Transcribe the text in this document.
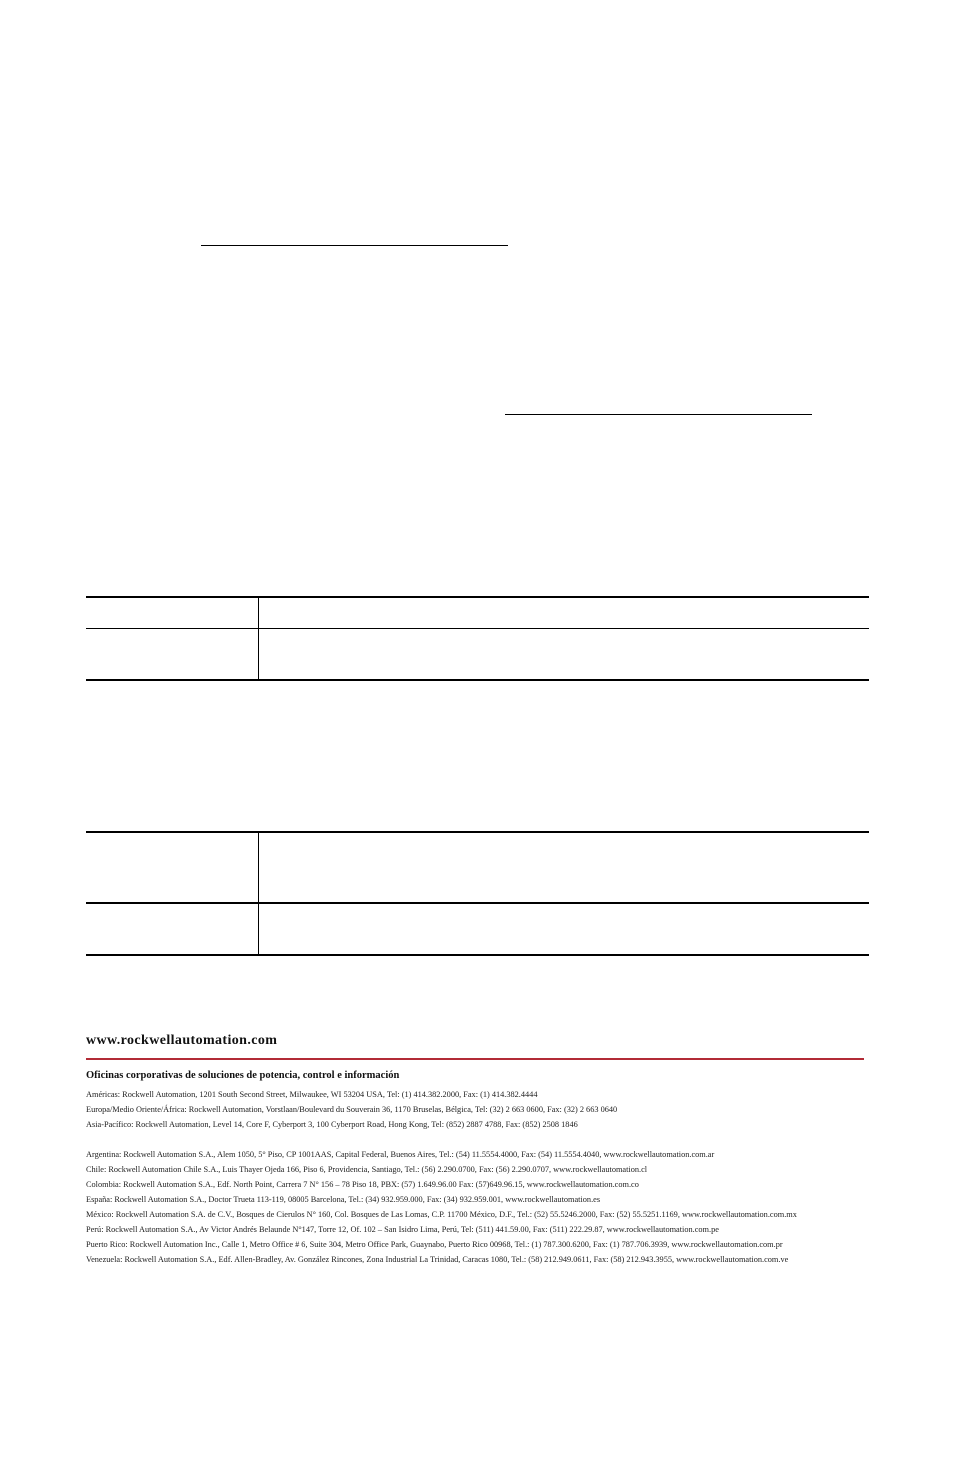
www.rockwellautomation.com
Oficinas corporativas de soluciones de potencia, control e información
Américas: Rockwell Automation, 1201 South Second Street, Milwaukee, WI 53204 USA, Tel: (1) 414.382.2000, Fax: (1) 414.382.4444
Europa/Medio Oriente/África: Rockwell Automation, Vorstlaan/Boulevard du Souverain 36, 1170 Bruselas, Bélgica, Tel: (32) 2 663 0600, Fax: (32) 2 663 0640
Asia-Pacífico: Rockwell Automation, Level 14, Core F, Cyberport 3, 100 Cyberport Road, Hong Kong, Tel: (852) 2887 4788, Fax: (852) 2508 1846
Argentina: Rockwell Automation S.A., Alem 1050, 5° Piso, CP 1001AAS, Capital Federal, Buenos Aires, Tel.: (54) 11.5554.4000, Fax: (54) 11.5554.4040, www.rockwellautomation.com.ar
Chile: Rockwell Automation Chile S.A., Luis Thayer Ojeda 166, Piso 6, Providencia, Santiago, Tel.: (56) 2.290.0700, Fax: (56) 2.290.0707, www.rockwellautomation.cl
Colombia: Rockwell Automation S.A., Edf. North Point, Carrera 7 N° 156 – 78 Piso 18, PBX: (57) 1.649.96.00 Fax: (57)649.96.15, www.rockwellautomation.com.co
España: Rockwell Automation S.A., Doctor Trueta 113-119, 08005 Barcelona, Tel.: (34) 932.959.000, Fax: (34) 932.959.001, www.rockwellautomation.es
México: Rockwell Automation S.A. de C.V., Bosques de Cierulos N° 160, Col. Bosques de Las Lomas, C.P. 11700 México, D.F., Tel.: (52) 55.5246.2000, Fax: (52) 55.5251.1169, www.rockwellautomation.com.mx
Perú: Rockwell Automation S.A., Av Victor Andrés Belaunde N°147, Torre 12, Of. 102 – San Isidro Lima, Perú, Tel: (511) 441.59.00, Fax: (511) 222.29.87, www.rockwellautomation.com.pe
Puerto Rico: Rockwell Automation Inc., Calle 1, Metro Office # 6, Suite 304, Metro Office Park, Guaynabo, Puerto Rico 00968, Tel.: (1) 787.300.6200, Fax: (1) 787.706.3939, www.rockwellautomation.com.pr
Venezuela: Rockwell Automation S.A., Edf. Allen-Bradley, Av. González Rincones, Zona Industrial La Trinidad, Caracas 1080, Tel.: (58) 212.949.0611, Fax: (58) 212.943.3955, www.rockwellautomation.com.ve
